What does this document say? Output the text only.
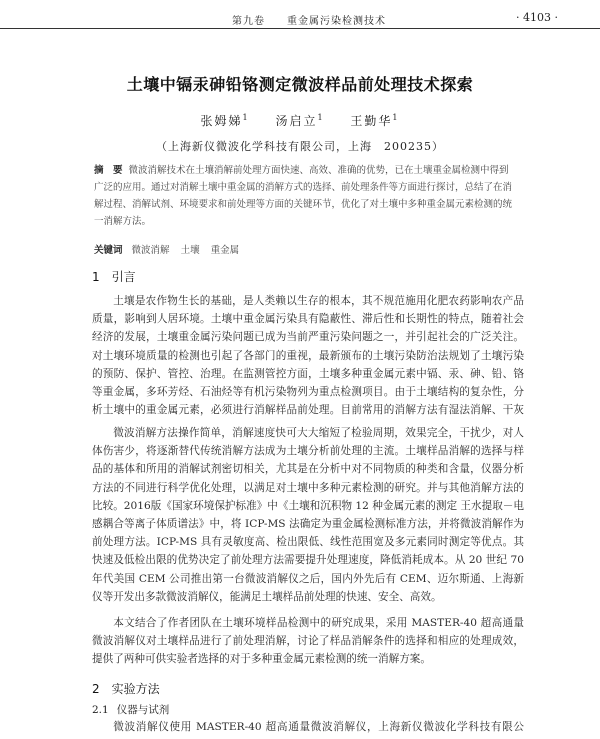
第九卷　　重金属污染检测技术	· 4103 ·
土壤中镉汞砷铅铬测定微波样品前处理技术探索
张姆娣$^1$ 汤启立$^1$ 王勤华$^1$
（上海新仪微波化学科技有限公司，上海　200235）
摘　要 微波消解技术在土壤消解前处理方面快速、高效、准确的优势，已在土壤重金属检测中得到广泛的应用。通过对消解土壤中重金属的消解方式的选择、前处理条件等方面进行探讨，总结了在消解过程、消解试剂、环境要求和前处理等方面的关键环节，优化了对土壤中多种重金属元素检测的统一消解方法。
关键词 微波消解 土壤 重金属
1 引言
土壤是农作物生长的基础，是人类赖以生存的根本，其不规范施用化肥农药影响农产品质量，影响到人居环境。土壤中重金属污染具有隐蔽性、滞后性和长期性的特点，随着社会经济的发展，土壤重金属污染问题已成为当前严重污染问题之一，并引起社会的广泛关注。对土壤环境质量的检测也引起了各部门的重视，最新颁布的土壤污染防治法规划了土壤污染的预防、保护、管控、治理。在监测管控方面，土壤多种重金属元素中镉、汞、砷、铅、铬等重金属，多环芳烃、石油烃等有机污染物列为重点检测项目。由于土壤结构的复杂性，分析土壤中的重金属元素，必须进行消解样品前处理。目前常用的消解方法有湿法消解、干灰
微波消解方法操作简单，消解速度快可大大缩短了检验周期，效果完全，干扰少，对人体伤害少，将逐渐替代传统消解方法成为土壤分析前处理的主流。土壤样品消解的选择与样品的基体和所用的消解试剂密切相关，尤其是在分析中对不同物质的种类和含量，仪器分析方法的不同进行科学优化处理，以满足对土壤中多种元素检测的研究。并与其他消解方法的比较。2016版《国家环境保护标准》中《土壤和沉积物 12 种金属元素的测定 王水提取－电感耦合等离子体质谱法》中，将 ICP-MS 法确定为重金属检测标准方法，并将微波消解作为前处理方法。ICP-MS 具有灵敏度高、检出限低、线性范围宽及多元素同时测定等优点。其快速及低检出限的优势决定了前处理方法需要提升处理速度，降低消耗成本。从 20 世纪 70 年代美国 CEM 公司推出第一台微波消解仪之后，国内外先后有 CEM、迈尔斯通、上海新仪等开发出多款微波消解仪，能满足土壤样品前处理的快速、安全、高效。
本文结合了作者团队在土壤环境样品检测中的研究成果，采用 MASTER-40 超高通量微波消解仪对土壤样品进行了前处理消解，讨论了样品消解条件的选择和相应的处理成效，提供了两种可供实验者选择的对于多种重金属元素检测的统一消解方案。
2 实验方法
2.1 仪器与试剂
微波消解仪使用 MASTER-40 超高通量微波消解仪，上海新仪微波化学科技有限公
